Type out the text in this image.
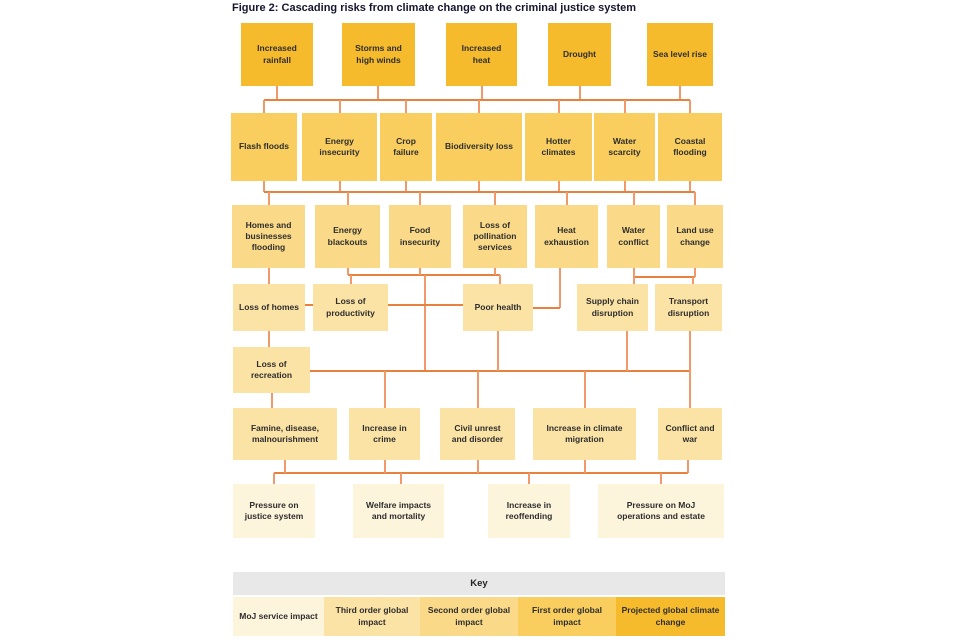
Figure 2: Cascading risks from climate change on the criminal justice system
Increased rainfall
Storms and high winds
Increased heat
Drought	Sea level rise
Flash floods
Energy insecurity
Crop failure
Biodiversity loss
Hotter climates
Water scarcity
Coastal flooding
Homes and businesses flooding
Energy blackouts
Food insecurity
Loss of pollination services
Heat exhaustion
Water conflict
Land use change
Loss of homes
Loss of productivity
Poor health
Supply chain disruption
Transport disruption
Loss of recreation
Famine, disease, malnourishment
Increase in crime
Civil unrest and disorder
Increase in climate migration
Conflict and war
Pressure on justice system
Welfare impacts and mortality
Increase in reoffending
Pressure on MoJ operations and estate
Key
MoJ service impact
Third order global impact
Second order global impact
First order global impact
Projected global climate change
